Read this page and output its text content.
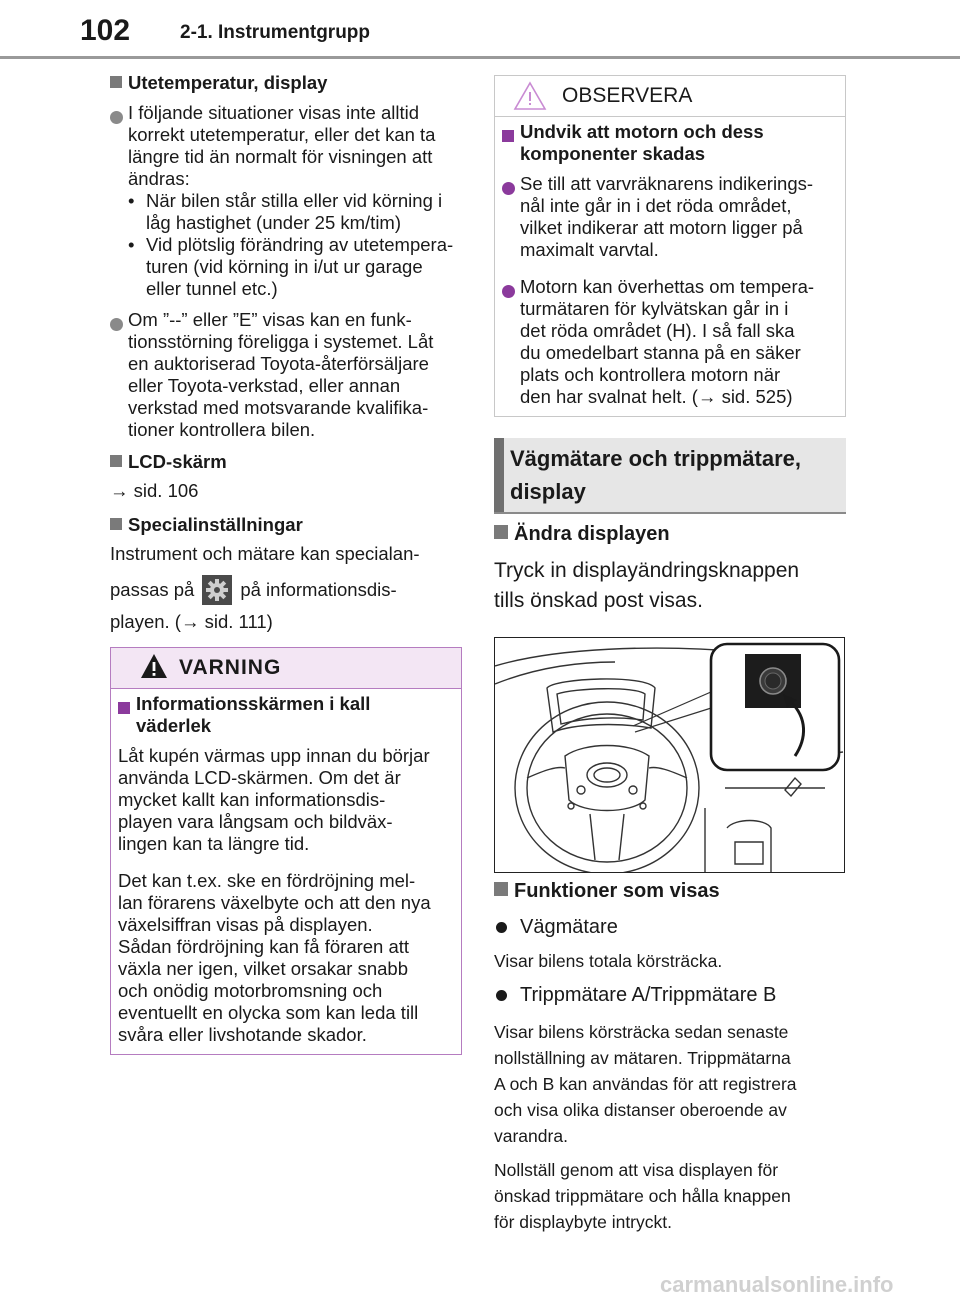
102	2-1. Instrumentgrupp
Utetemperatur, display
I följande situationer visas inte alltid
korrekt utetemperatur, eller det kan ta
längre tid än normalt för visningen att
ändras:
• När bilen står stilla eller vid körning i
låg hastighet (under 25 km/tim)
• Vid plötslig förändring av utetempera-
turen (vid körning in i/ut ur garage
eller tunnel etc.)
Om ”--” eller ”E” visas kan en funk-
tionsstörning föreligga i systemet. Låt
en auktoriserad Toyota-återförsäljare
eller Toyota-verkstad, eller annan
verkstad med motsvarande kvalifika-
tioner kontrollera bilen.
LCD-skärm
→ sid. 106
Specialinställningar
Instrument och mätare kan specialan-
passas på på informationsdis-
playen. (→ sid. 111)
VARNING
Informationsskärmen i kall
väderlek
Låt kupén värmas upp innan du börjar
använda LCD-skärmen. Om det är
mycket kallt kan informationsdis-
playen vara långsam och bildväx-
lingen kan ta längre tid.
Det kan t.ex. ske en fördröjning mel-
lan förarens växelbyte och att den nya
växelsiffran visas på displayen.
Sådan fördröjning kan få föraren att
växla ner igen, vilket orsakar snabb
och onödig motorbromsning och
eventuellt en olycka som kan leda till
svåra eller livshotande skador.
OBSERVERA
Undvik att motorn och dess
komponenter skadas
Se till att varvräknarens indikerings-
nål inte går in i det röda området,
vilket indikerar att motorn ligger på
maximalt varvtal.
Motorn kan överhettas om tempera-
turmätaren för kylvätskan går in i
det röda området (H). I så fall ska
du omedelbart stanna på en säker
plats och kontrollera motorn när
den har svalnat helt. (→ sid. 525)
Vägmätare och trippmätare,
display
Ändra displayen
Tryck in displayändringsknappen
tills önskad post visas.
Funktioner som visas
Vägmätare
Visar bilens totala körsträcka.
Trippmätare A/Trippmätare B
Visar bilens körsträcka sedan senaste
nollställning av mätaren. Trippmätarna
A och B kan användas för att registrera
och visa olika distanser oberoende av
varandra.
Nollställ genom att visa displayen för
önskad trippmätare och hålla knappen
för displaybyte intryckt.
carmanualsonline.info
